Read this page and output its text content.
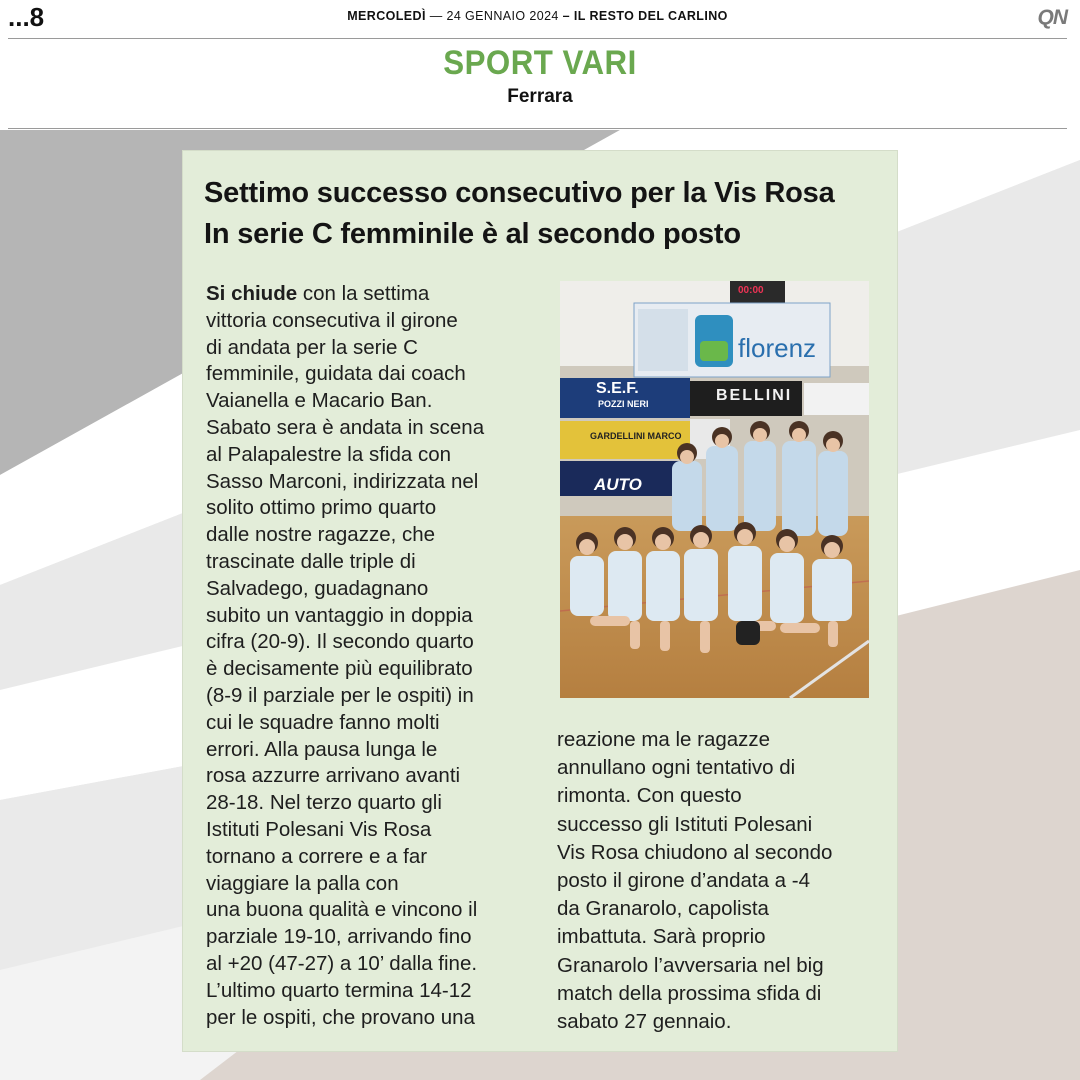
...8	MERCOLEDÌ — 24 GENNAIO 2024 – IL RESTO DEL CARLINO	QN
SPORT VARI
Ferrara
Settimo successo consecutivo per la Vis Rosa
In serie C femminile è al secondo posto
Si chiude con la settima
vittoria consecutiva il girone
di andata per la serie C
femminile, guidata dai coach
Vaianella e Macario Ban.
Sabato sera è andata in scena
al Palapalestre la sfida con
Sasso Marconi, indirizzata nel
solito ottimo primo quarto
dalle nostre ragazze, che
trascinate dalle triple di
Salvadego, guadagnano
subito un vantaggio in doppia
cifra (20-9). Il secondo quarto
è decisamente più equilibrato
(8-9 il parziale per le ospiti) in
cui le squadre fanno molti
errori. Alla pausa lunga le
rosa azzurre arrivano avanti
28-18. Nel terzo quarto gli
Istituti Polesani Vis Rosa
tornano a correre e a far
viaggiare la palla con
una buona qualità e vincono il
parziale 19-10, arrivando fino
al +20 (47-27) a 10’ dalla fine.
L’ultimo quarto termina 14-12
per le ospiti, che provano una
00:00
florenz
S.E.F.
POZZI NERI	BELLINI
GARDELLINI MARCO
AUTO
reazione ma le ragazze
annullano ogni tentativo di
rimonta. Con questo
successo gli Istituti Polesani
Vis Rosa chiudono al secondo
posto il girone d’andata a -4
da Granarolo, capolista
imbattuta. Sarà proprio
Granarolo l’avversaria nel big
match della prossima sfida di
sabato 27 gennaio.
